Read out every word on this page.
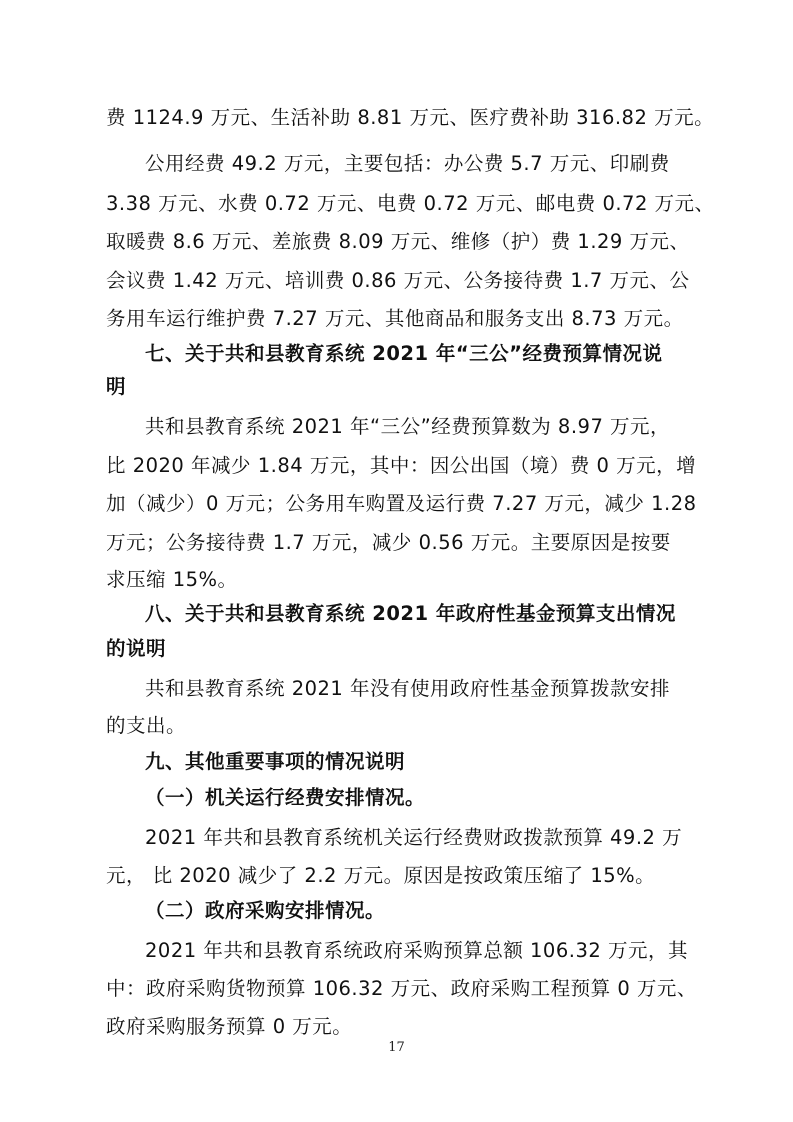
费 1124.9 万元、生活补助 8.81 万元、医疗费补助 316.82 万元。
公用经费 49.2 万元，主要包括：办公费 5.7 万元、印刷费
3.38 万元、水费 0.72 万元、电费 0.72 万元、邮电费 0.72 万元、
取暖费 8.6 万元、差旅费 8.09 万元、维修（护）费 1.29 万元、
会议费 1.42 万元、培训费 0.86 万元、公务接待费 1.7 万元、公
务用车运行维护费 7.27 万元、其他商品和服务支出 8.73 万元。
七、关于共和县教育系统 2021 年“三公”经费预算情况说
明
共和县教育系统 2021 年“三公”经费预算数为 8.97 万元，
比 2020 年减少 1.84 万元，其中：因公出国（境）费 0 万元，增
加（减少）0 万元；公务用车购置及运行费 7.27 万元，减少 1.28
万元；公务接待费 1.7 万元，减少 0.56 万元。主要原因是按要
求压缩 15%。
八、关于共和县教育系统 2021 年政府性基金预算支出情况
的说明
共和县教育系统 2021 年没有使用政府性基金预算拨款安排
的支出。
九、其他重要事项的情况说明
（一）机关运行经费安排情况。
2021 年共和县教育系统机关运行经费财政拨款预算 49.2 万
元， 比 2020 减少了 2.2 万元。原因是按政策压缩了 15%。
（二）政府采购安排情况。
2021 年共和县教育系统政府采购预算总额 106.32 万元，其
中：政府采购货物预算 106.32 万元、政府采购工程预算 0 万元、
政府采购服务预算 0 万元。
17
